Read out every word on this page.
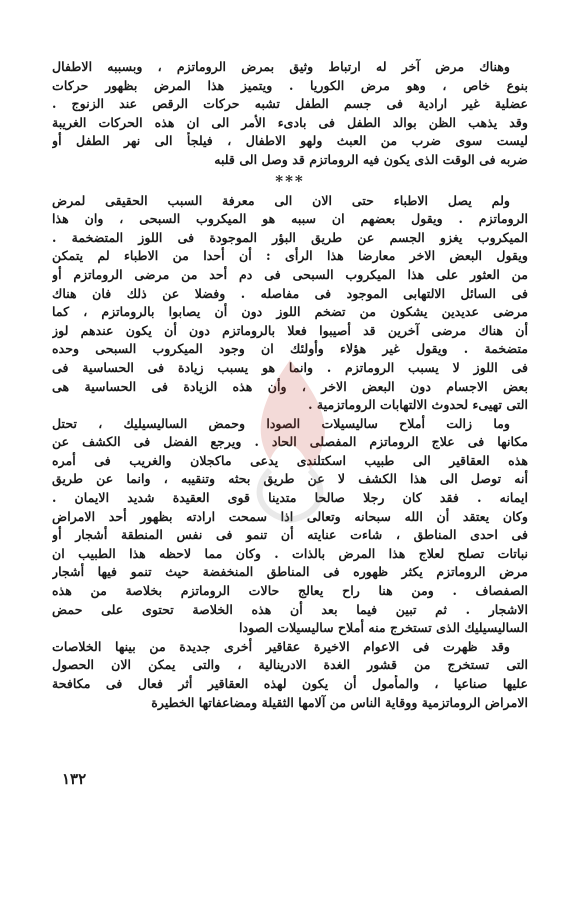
وهناك مرض آخر له ارتباط وثيق بمرض الروماتزم ، وبسببه الاطفال
بنوع خاص ، وهو مرض الكوريا . ويتميز هذا المرض بظهور حركات
عضلية غير ارادية فى جسم الطفل تشبه حركات الرقص عند الزنوج .
وقد يذهب الظن بوالد الطفل فى بادىء الأمر الى ان هذه الحركات الغريبة
ليست سوى ضرب من العبث ولهو الاطفال ، فيلجأ الى نهر الطفل أو
ضربه فى الوقت الذى يكون فيه الروماتزم قد وصل الى قلبه
***
ولم يصل الاطباء حتى الان الى معرفة السبب الحقيقى لمرض
الروماتزم . ويقول بعضهم ان سببه هو الميكروب السبحى ، وان هذا
الميكروب يغزو الجسم عن طريق البؤر الموجودة فى اللوز المتضخمة .
ويقول البعض الاخر معارضا هذا الرأى : أن أحدا من الاطباء لم يتمكن
من العثور على هذا الميكروب السبحى فى دم أحد من مرضى الروماتزم أو
فى السائل الالتهابى الموجود فى مفاصله . وفضلا عن ذلك فان هناك
مرضى عديدين يشكون من تضخم اللوز دون أن يصابوا بالروماتزم ، كما
أن هناك مرضى آخرين قد أصيبوا فعلا بالروماتزم دون أن يكون عندهم لوز
متضخمة . ويقول غير هؤلاء وأولئك ان وجود الميكروب السبحى وحده
فى اللوز لا يسبب الروماتزم . وانما هو يسبب زيادة فى الحساسية فى
بعض الاجسام دون البعض الاخر ، وأن هذه الزيادة فى الحساسية هى
التى تهيىء لحدوث الالتهابات الروماتزمية .
وما زالت أملاح ساليسيلات الصودا وحمض الساليسيليك ، تحتل
مكانها فى علاج الروماتزم المفصلى الحاد . ويرجع الفضل فى الكشف عن
هذه العقاقير الى طبيب اسكتلندى يدعى ماكجلان والغريب فى أمره
أنه توصل الى هذا الكشف لا عن طريق بحثه وتنقيبه ، وانما عن طريق
ايمانه . فقد كان رجلا صالحا متدينا قوى العقيدة شديد الايمان .
وكان يعتقد أن الله سبحانه وتعالى اذا سمحت ارادته بظهور أحد الامراض
فى احدى المناطق ، شاءت عنايته أن تنمو فى نفس المنطقة أشجار أو
نباتات تصلح لعلاج هذا المرض بالذات . وكان مما لاحظه هذا الطبيب ان
مرض الروماتزم يكثر ظهوره فى المناطق المنخفضة حيث تنمو فيها أشجار
الصفصاف . ومن هنا راح يعالج حالات الروماتزم بخلاصة من هذه
الاشجار . ثم تبين فيما بعد أن هذه الخلاصة تحتوى على حمض
الساليسيليك الذى تستخرج منه أملاح ساليسيلات الصودا
وقد ظهرت فى الاعوام الاخيرة عقاقير أخرى جديدة من بينها الخلاصات
التى تستخرج من قشور الغدة الادرينالية ، والتى يمكن الان الحصول
عليها صناعيا ، والمأمول أن يكون لهذه العقاقير أثر فعال فى مكافحة
الامراض الروماتزمية ووقاية الناس من آلامها الثقيلة ومضاعفاتها الخطيرة
١٣٢
